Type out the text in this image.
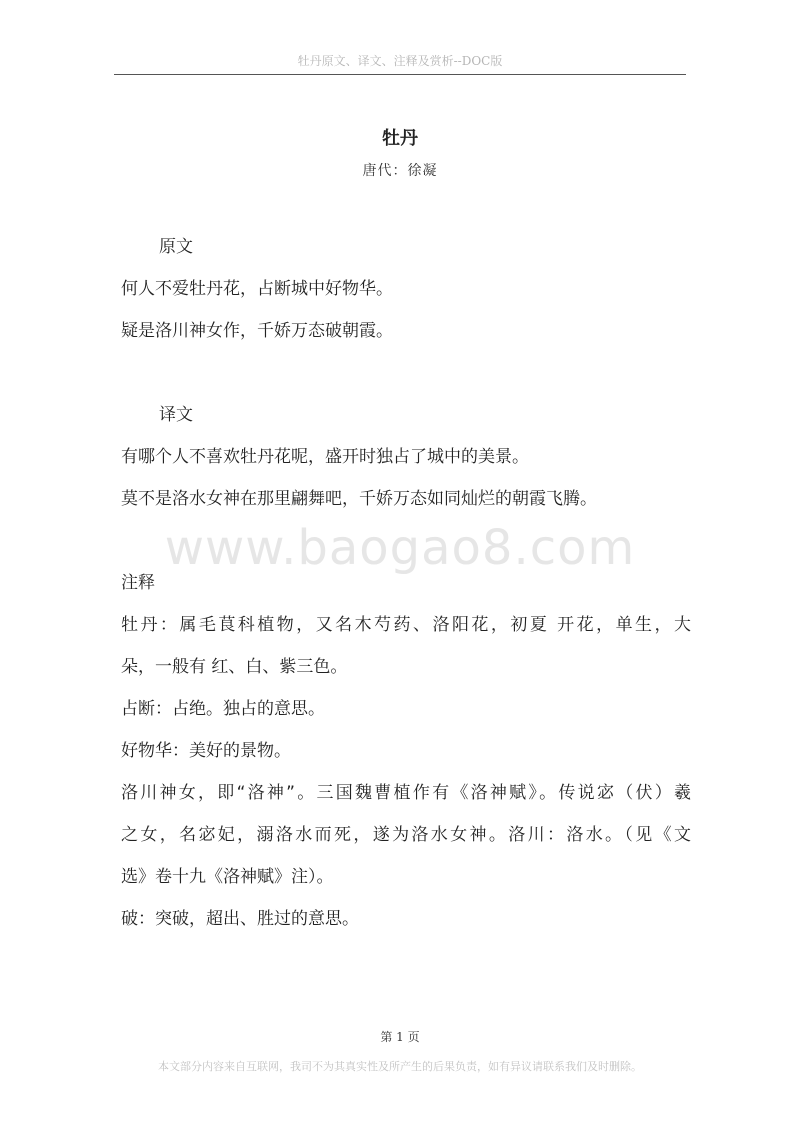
牡丹原文、译文、注释及赏析--DOC版
牡丹
唐代：徐凝
原文
何人不爱牡丹花，占断城中好物华。
疑是洛川神女作，千娇万态破朝霞。
译文
有哪个人不喜欢牡丹花呢，盛开时独占了城中的美景。
莫不是洛水女神在那里翩舞吧，千娇万态如同灿烂的朝霞飞腾。
www.baogao8.com
注释
牡丹：属毛茛科植物，又名木芍药、洛阳花，初夏 开花，单生，大
朵，一般有 红、白、紫三色。
占断：占绝。独占的意思。
好物华：美好的景物。
洛川神女，即“洛神”。三国魏曹植作有《洛神赋》。传说宓（伏）羲
之女，名宓妃，溺洛水而死，遂为洛水女神。洛川：洛水。（见《文
选》卷十九《洛神赋》注）。
破：突破，超出、胜过的意思。
第 1 页
本文部分内容来自互联网，我司不为其真实性及所产生的后果负责，如有异议请联系我们及时删除。
